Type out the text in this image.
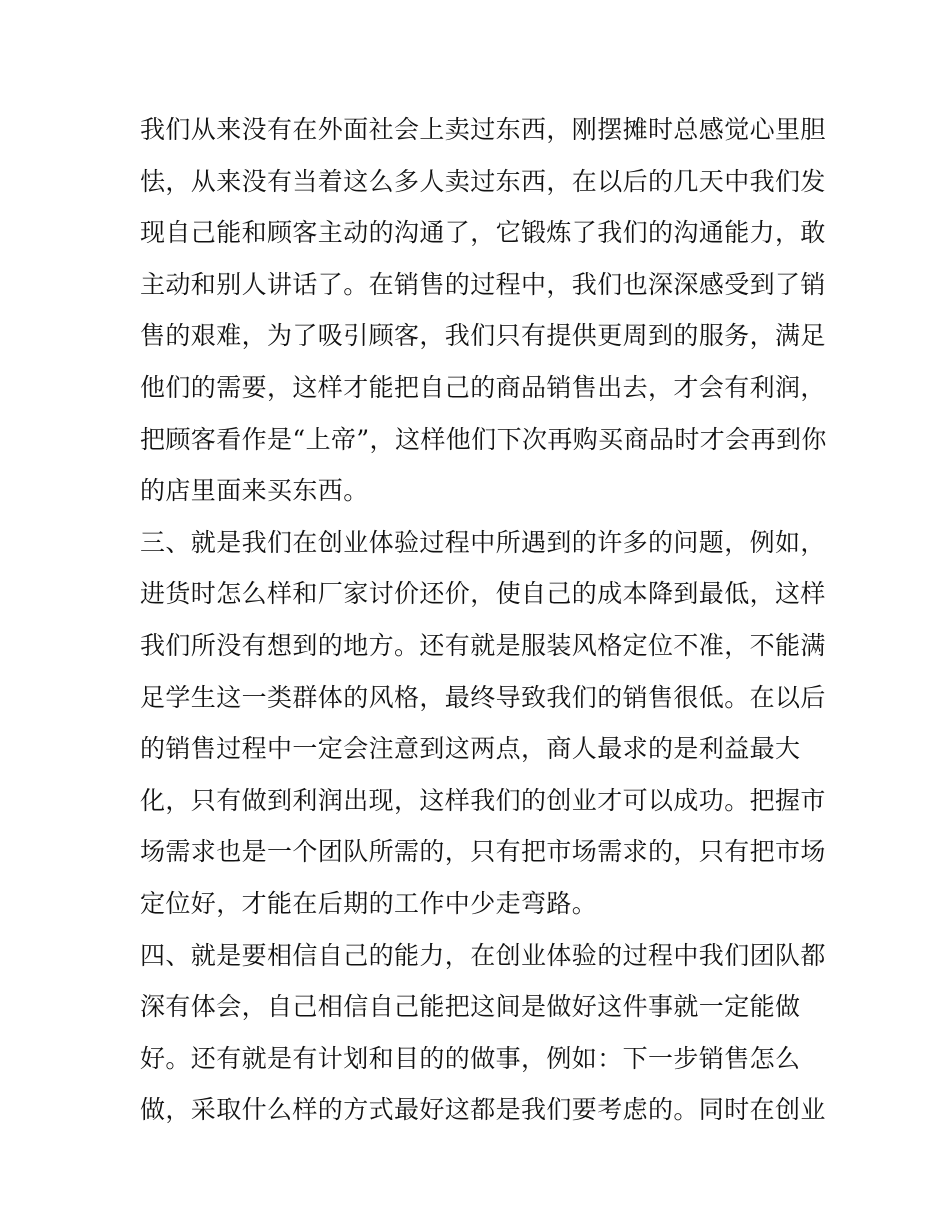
我们从来没有在外面社会上卖过东西，刚摆摊时总感觉心里胆
怯，从来没有当着这么多人卖过东西，在以后的几天中我们发
现自己能和顾客主动的沟通了，它锻炼了我们的沟通能力，敢
主动和别人讲话了。在销售的过程中，我们也深深感受到了销
售的艰难，为了吸引顾客，我们只有提供更周到的服务，满足
他们的需要，这样才能把自己的商品销售出去，才会有利润，
把顾客看作是“上帝”，这样他们下次再购买商品时才会再到你
的店里面来买东西。
三、就是我们在创业体验过程中所遇到的许多的问题，例如，
进货时怎么样和厂家讨价还价，使自己的成本降到最低，这样
我们所没有想到的地方。还有就是服装风格定位不准，不能满
足学生这一类群体的风格，最终导致我们的销售很低。在以后
的销售过程中一定会注意到这两点，商人最求的是利益最大
化，只有做到利润出现，这样我们的创业才可以成功。把握市
场需求也是一个团队所需的，只有把市场需求的，只有把市场
定位好，才能在后期的工作中少走弯路。
四、就是要相信自己的能力，在创业体验的过程中我们团队都
深有体会，自己相信自己能把这间是做好这件事就一定能做
好。还有就是有计划和目的的做事，例如：下一步销售怎么
做，采取什么样的方式最好这都是我们要考虑的。同时在创业
